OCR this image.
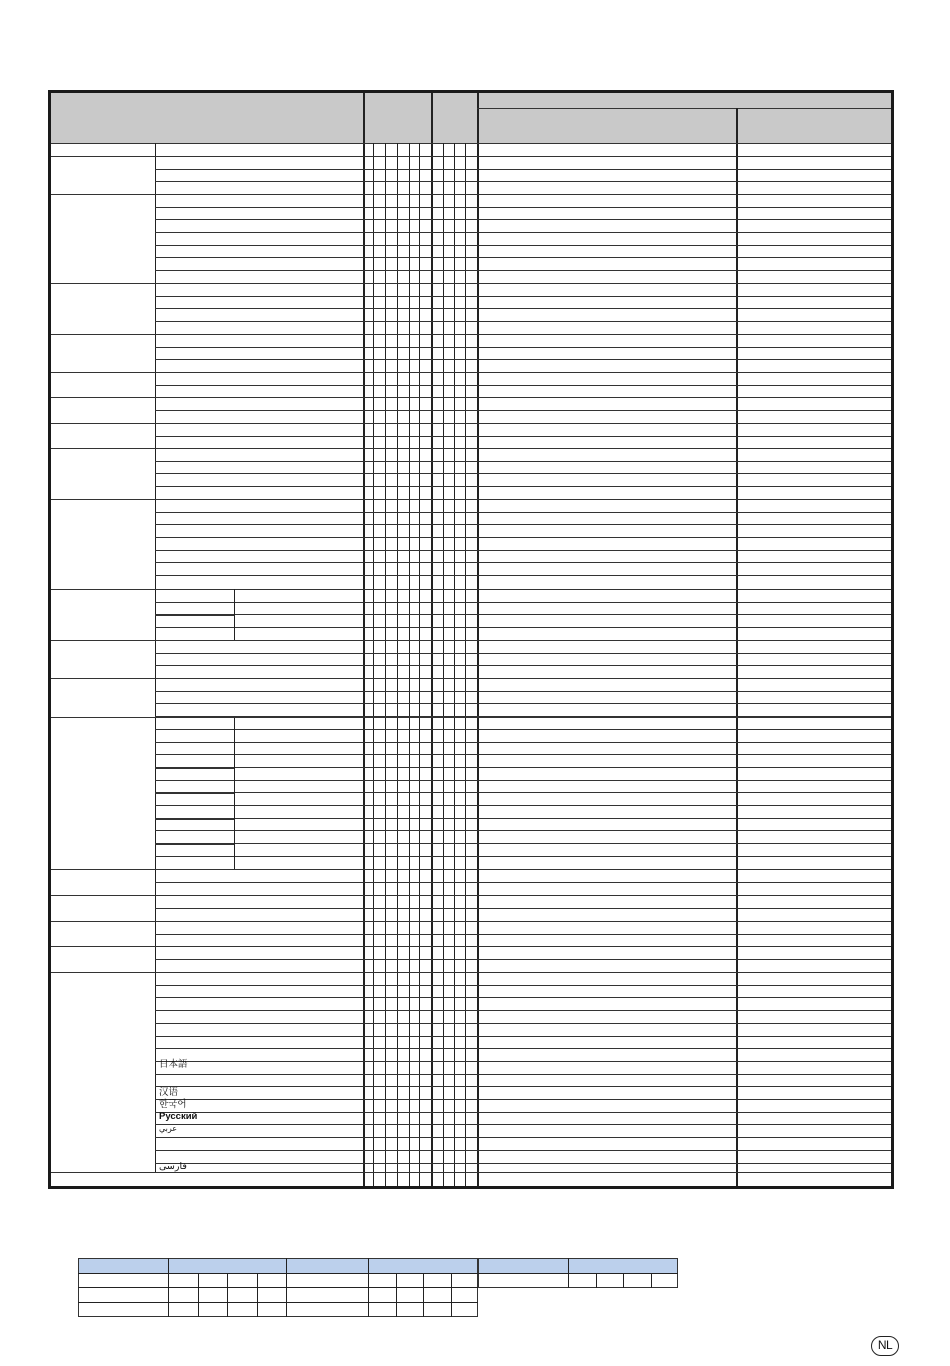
日本語
汉语
한국어
Русский
عربي
فارسی
NL
